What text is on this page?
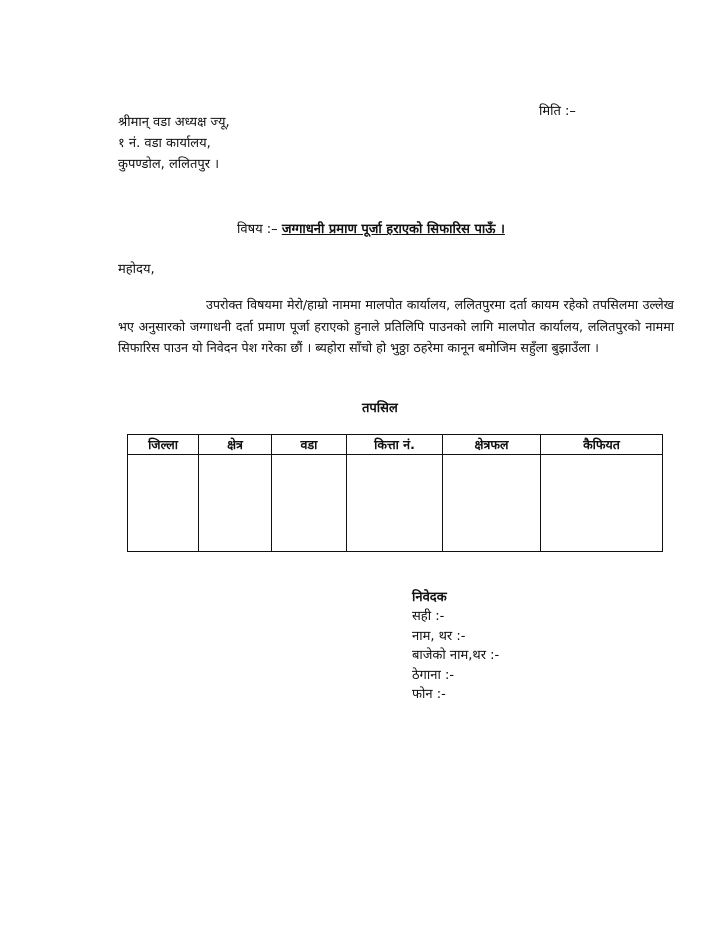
मिति :–
श्रीमान् वडा अध्यक्ष ज्यू,
१ नं. वडा कार्यालय,
कुपण्डोल, ललितपुर ।
विषय :– जग्गाधनी प्रमाण पूर्जा हराएको सिफारिस पाऊँ ।
महोदय,
उपरोक्त विषयमा मेरो/हाम्रो नाममा मालपोत कार्यालय, ललितपुरमा दर्ता कायम रहेको तपसिलमा उल्लेख भए अनुसारको जग्गाधनी दर्ता प्रमाण पूर्जा हराएको हुनाले प्रतिलिपि पाउनको लागि मालपोत कार्यालय, ललितपुरको नाममा सिफारिस पाउन यो निवेदन पेश गरेका छौं । ब्यहोरा साँचो हो भुठ्ठा ठहरेमा कानून बमोजिम सहुँला बुझाउँला ।
तपसिल
जिल्ला	क्षेत्र	वडा	कित्ता नं.	क्षेत्रफल	कैफियत

निवेदक
सही :-
नाम, थर :-
बाजेको नाम,थर :-
ठेगाना :-
फोन :-
